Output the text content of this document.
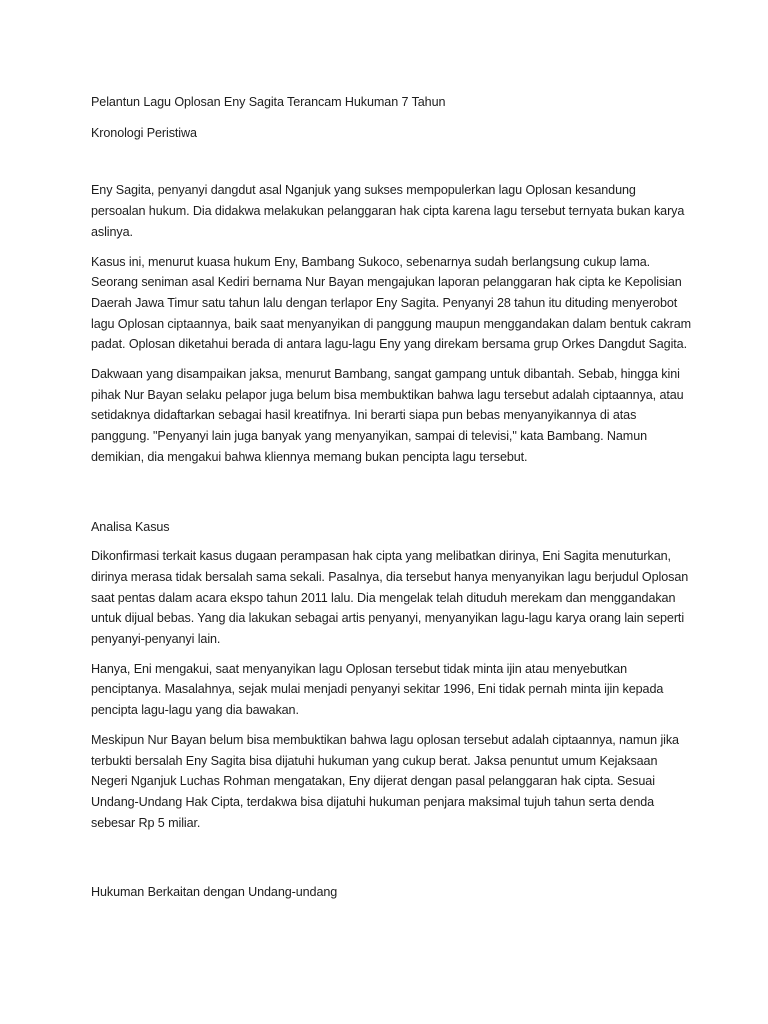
Pelantun Lagu Oplosan Eny Sagita Terancam Hukuman 7 Tahun

Kronologi Peristiwa

Eny Sagita, penyanyi dangdut asal Nganjuk yang sukses mempopulerkan lagu Oplosan kesandung persoalan hukum. Dia didakwa melakukan pelanggaran hak cipta karena lagu tersebut ternyata bukan karya aslinya.

Kasus ini, menurut kuasa hukum Eny, Bambang Sukoco, sebenarnya sudah berlangsung cukup lama. Seorang seniman asal Kediri bernama Nur Bayan mengajukan laporan pelanggaran hak cipta ke Kepolisian Daerah Jawa Timur satu tahun lalu dengan terlapor Eny Sagita. Penyanyi 28 tahun itu dituding menyerobot lagu Oplosan ciptaannya, baik saat menyanyikan di panggung maupun menggandakan dalam bentuk cakram padat. Oplosan diketahui berada di antara lagu-lagu Eny yang direkam bersama grup Orkes Dangdut Sagita.

Dakwaan yang disampaikan jaksa, menurut Bambang, sangat gampang untuk dibantah. Sebab, hingga kini pihak Nur Bayan selaku pelapor juga belum bisa membuktikan bahwa lagu tersebut adalah ciptaannya, atau setidaknya didaftarkan sebagai hasil kreatifnya. Ini berarti siapa pun bebas menyanyikannya di atas panggung. "Penyanyi lain juga banyak yang menyanyikan, sampai di televisi," kata Bambang. Namun demikian, dia mengakui bahwa kliennya memang bukan pencipta lagu tersebut.

Analisa Kasus

Dikonfirmasi terkait kasus dugaan perampasan hak cipta yang melibatkan dirinya, Eni Sagita menuturkan, dirinya merasa tidak bersalah sama sekali. Pasalnya, dia tersebut hanya menyanyikan lagu berjudul Oplosan saat pentas dalam acara ekspo tahun 2011 lalu. Dia mengelak telah dituduh merekam dan menggandakan untuk dijual bebas. Yang dia lakukan sebagai artis penyanyi, menyanyikan lagu-lagu karya orang lain seperti penyanyi-penyanyi lain.

Hanya, Eni mengakui, saat menyanyikan lagu Oplosan tersebut tidak minta ijin atau menyebutkan penciptanya. Masalahnya, sejak mulai menjadi penyanyi sekitar 1996, Eni tidak pernah minta ijin kepada pencipta lagu-lagu yang dia bawakan.

Meskipun Nur Bayan belum bisa membuktikan bahwa lagu oplosan tersebut adalah ciptaannya, namun jika terbukti bersalah Eny Sagita bisa dijatuhi hukuman yang cukup berat. Jaksa penuntut umum Kejaksaan Negeri Nganjuk Luchas Rohman mengatakan, Eny dijerat dengan pasal pelanggaran hak cipta. Sesuai Undang-Undang Hak Cipta, terdakwa bisa dijatuhi hukuman penjara maksimal tujuh tahun serta denda sebesar Rp 5 miliar.

Hukuman Berkaitan dengan Undang-undang
